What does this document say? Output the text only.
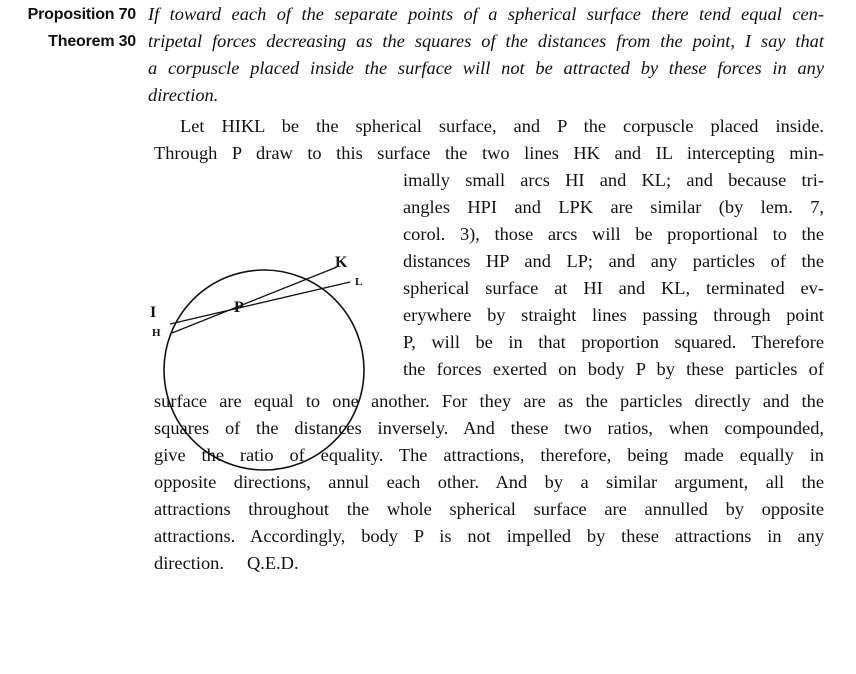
Proposition 70
Theorem 30
If toward each of the separate points of a spherical surface there tend equal cen-
tripetal forces decreasing as the squares of the distances from the point, I say that
a corpuscle placed inside the surface will not be attracted by these forces in any
direction.
Let HIKL be the spherical surface, and P the corpuscle placed inside.
Through P draw to this surface the two lines HK and IL intercepting min-
imally small arcs HI and KL; and because tri-
angles HPI and LPK are similar (by lem. 7,
corol. 3), those arcs will be proportional to the
distances HP and LP; and any particles of the
spherical surface at HI and KL, terminated ev-
erywhere by straight lines passing through point
P, will be in that proportion squared. Therefore
the forces exerted on body P by these particles of
I
H
P
K
L
surface are equal to one another. For they are as the particles directly and the
squares of the distances inversely. And these two ratios, when compounded,
give the ratio of equality. The attractions, therefore, being made equally in
opposite directions, annul each other. And by a similar argument, all the
attractions throughout the whole spherical surface are annulled by opposite
attractions. Accordingly, body P is not impelled by these attractions in any
direction.  Q.E.D.
